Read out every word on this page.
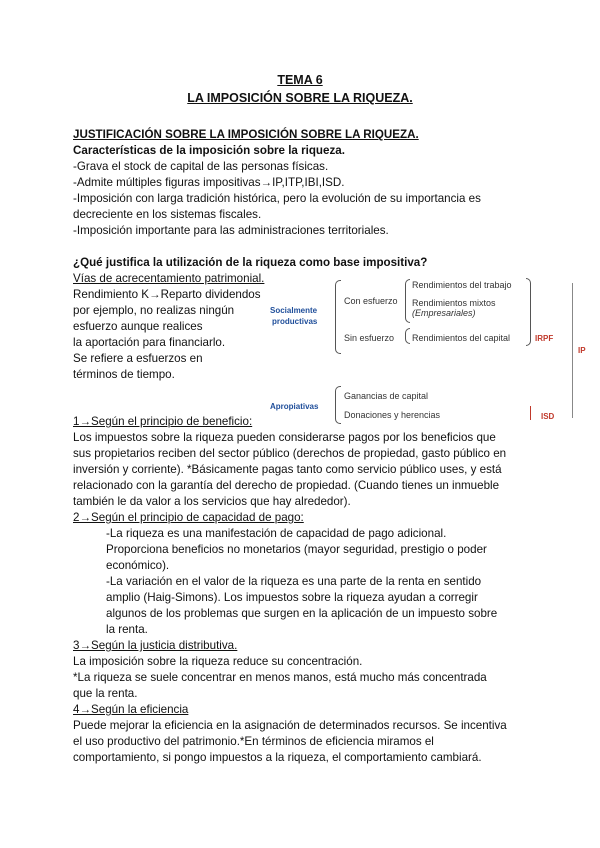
TEMA 6
LA IMPOSICIÓN SOBRE LA RIQUEZA.
JUSTIFICACIÓN SOBRE LA IMPOSICIÓN SOBRE LA RIQUEZA.
Características de la imposición sobre la riqueza.
-Grava el stock de capital de las personas físicas.
-Admite múltiples figuras impositivas→IP,ITP,IBI,ISD.
-Imposición con larga tradición histórica, pero la evolución de su importancia es
decreciente en los sistemas fiscales.
-Imposición importante para las administraciones territoriales.
¿Qué justifica la utilización de la riqueza como base impositiva?
Vías de acrecentamiento patrimonial.
Rendimiento K→Reparto dividendos
por ejemplo, no realizas ningún
esfuerzo aunque realices
la aportación para financiarlo.
Se refiere a esfuerzos en
términos de tiempo.
Socialmente
productivas
Con esfuerzo
Sin esfuerzo
Rendimientos del trabajo
Rendimientos mixtos
(Empresariales)
Rendimientos del capital	IRPF
IP
Apropiativas
Ganancias de capital
Donaciones y herencias	ISD
1→Según el principio de beneficio:
Los impuestos sobre la riqueza pueden considerarse pagos por los beneficios que
sus propietarios reciben del sector público (derechos de propiedad, gasto público en
inversión y corriente). *Básicamente pagas tanto como servicio público uses, y está
relacionado con la garantía del derecho de propiedad. (Cuando tienes un inmueble
también le da valor a los servicios que hay alrededor).
2→Según el principio de capacidad de pago:
-La riqueza es una manifestación de capacidad de pago adicional.
Proporciona beneficios no monetarios (mayor seguridad, prestigio o poder
económico).
-La variación en el valor de la riqueza es una parte de la renta en sentido
amplio (Haig-Simons). Los impuestos sobre la riqueza ayudan a corregir
algunos de los problemas que surgen en la aplicación de un impuesto sobre
la renta.
3→Según la justicia distributiva.
La imposición sobre la riqueza reduce su concentración.
*La riqueza se suele concentrar en menos manos, está mucho más concentrada
que la renta.
4→Según la eficiencia
Puede mejorar la eficiencia en la asignación de determinados recursos. Se incentiva
el uso productivo del patrimonio.*En términos de eficiencia miramos el
comportamiento, si pongo impuestos a la riqueza, el comportamiento cambiará.
